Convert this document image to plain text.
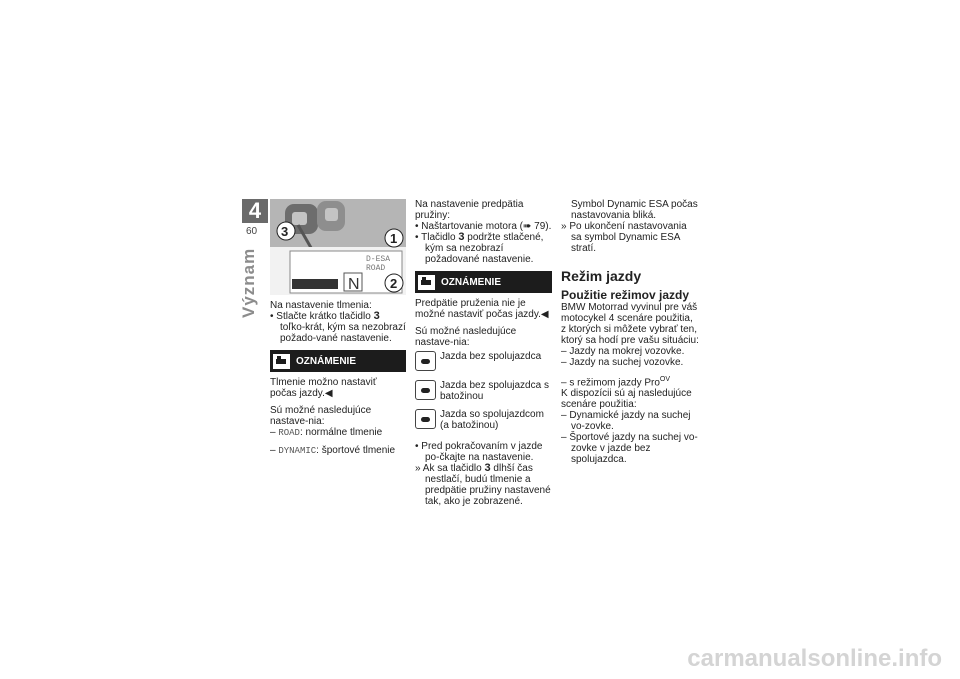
4
60
Význam	D-ESA
ROAD
N
3	1
2

Na nastavenie tlmenia:

• Stlačte krátko tlačidlo 3 toľko-krát, kým sa nezobrazí požado-vané nastavenie.

OZNÁMENIE

Tlmenie možno nastaviť počas jazdy.◀

Sú možné nasledujúce nastave-nia:

– ROAD: normálne tlmenie

– DYNAMIC: športové tlmenie

Na nastavenie predpätia pružiny:

• Naštartovanie motora (➠ 79).

• Tlačidlo 3 podržte stlačené, kým sa nezobrazí požadované nastavenie.

OZNÁMENIE

Predpätie pruženia nie je možné nastaviť počas jazdy.◀

Sú možné nasledujúce nastave-nia:

Jazda bez spolujazdca
Jazda bez spolujazdca s batožinou
Jazda so spolujazdcom (a batožinou)

• Pred pokračovaním v jazde po-čkajte na nastavenie.

» Ak sa tlačidlo 3 dlhší čas nestlačí, budú tlmenie a predpätie pružiny nastavené tak, ako je zobrazené.

Symbol Dynamic ESA počas nastavovania bliká.

» Po ukončení nastavovania sa symbol Dynamic ESA stratí.

Režim jazdy
Použitie režimov jazdy

BMW Motorrad vyvinul pre váš motocykel 4 scenáre použitia, z ktorých si môžete vybrať ten, ktorý sa hodí pre vašu situáciu:

– Jazdy na mokrej vozovke.

– Jazdy na suchej vozovke.

– s režimom jazdy Pro$^{OV}$

K dispozícii sú aj nasledujúce scenáre použitia:

– Dynamické jazdy na suchej vo-zovke.

– Športové jazdy na suchej vo-zovke v jazde bez spolujazdca.

carmanualsonline.info
